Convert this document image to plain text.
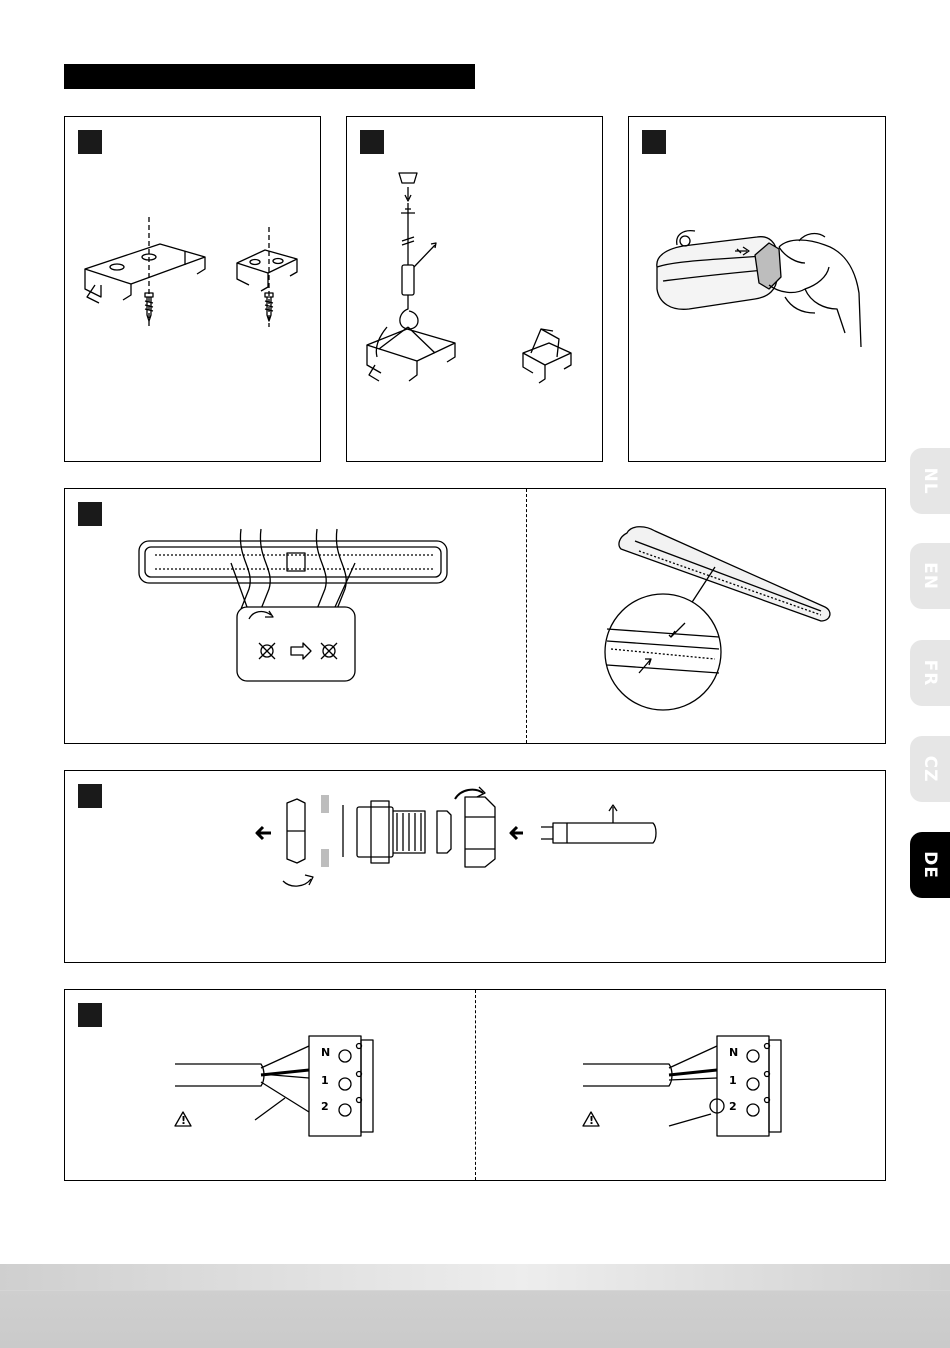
N
1
2
!
N
1
2
!
NL
EN
FR
CZ
DE
